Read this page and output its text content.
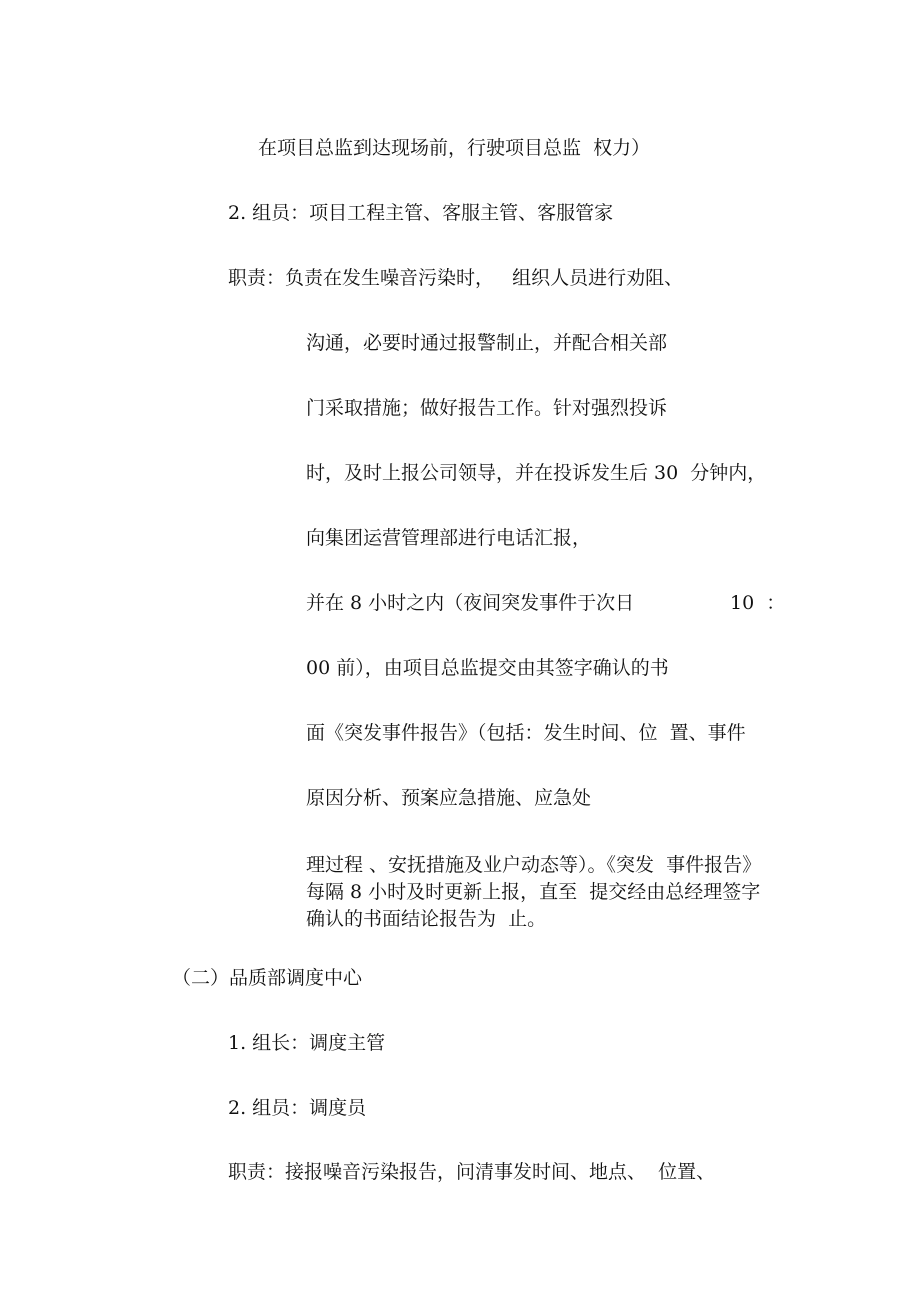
在项目总监到达现场前，行驶项目总监  权力）

2. 组员：项目工程主管、客服主管、客服管家

职责：负责在发生噪音污染时，   组织人员进行劝阻、

沟通，必要时通过报警制止，并配合相关部

门采取措施；做好报告工作。针对强烈投诉

时，及时上报公司领导，并在投诉发生后 30  分钟内，

向集团运营管理部进行电话汇报，

并在 8 小时之内（夜间突发事件于次日	10  ：

00 前），由项目总监提交由其签字确认的书

面《突发事件报告》（包括：发生时间、位  置、事件

原因分析、预案应急措施、应急处

理过程 、安抚措施及业户动态等）。《突发  事件报告》

每隔 8 小时及时更新上报，直至  提交经由总经理签字

确认的书面结论报告为  止。

（二）品质部调度中心

1. 组长：调度主管

2. 组员：调度员

职责：接报噪音污染报告，问清事发时间、地点、  位置、
